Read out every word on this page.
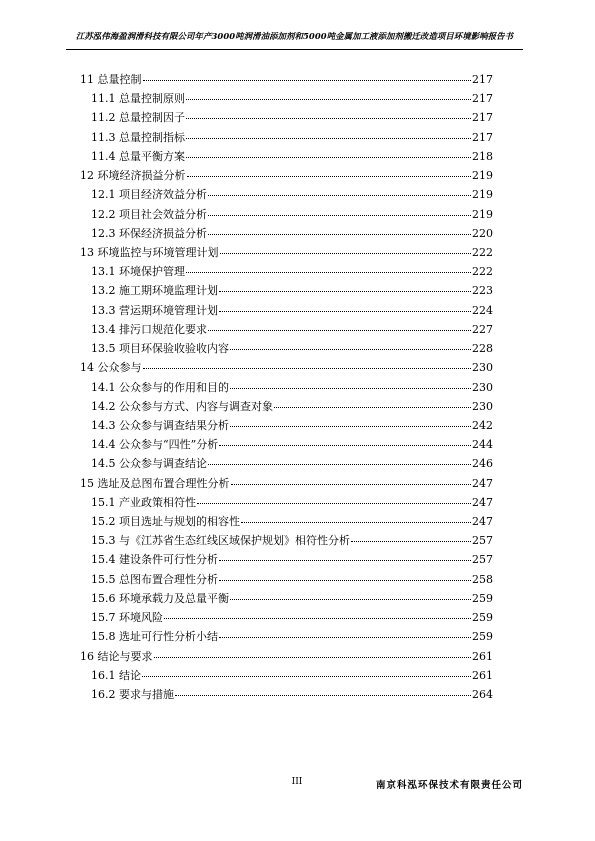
江苏泓伟海盈润滑科技有限公司年产3000吨润滑油添加剂和5000吨金属加工液添加剂搬迁改造项目环境影响报告书
11 总量控制	217
11.1 总量控制原则	217
11.2 总量控制因子	217
11.3 总量控制指标	217
11.4 总量平衡方案	218
12 环境经济损益分析	219
12.1 项目经济效益分析	219
12.2 项目社会效益分析	219
12.3 环保经济损益分析	220
13 环境监控与环境管理计划	222
13.1 环境保护管理	222
13.2 施工期环境监理计划	223
13.3 营运期环境管理计划	224
13.4 排污口规范化要求	227
13.5 项目环保验收验收内容	228
14 公众参与	230
14.1 公众参与的作用和目的	230
14.2 公众参与方式、内容与调查对象	230
14.3 公众参与调查结果分析	242
14.4 公众参与“四性”分析	244
14.5 公众参与调查结论	246
15 选址及总图布置合理性分析	247
15.1 产业政策相符性	247
15.2 项目选址与规划的相容性	247
15.3 与《江苏省生态红线区域保护规划》相符性分析	257
15.4 建设条件可行性分析	257
15.5 总图布置合理性分析	258
15.6 环境承载力及总量平衡	259
15.7 环境风险	259
15.8 选址可行性分析小结	259
16 结论与要求	261
16.1 结论	261
16.2 要求与措施	264
III	南京科泓环保技术有限责任公司
